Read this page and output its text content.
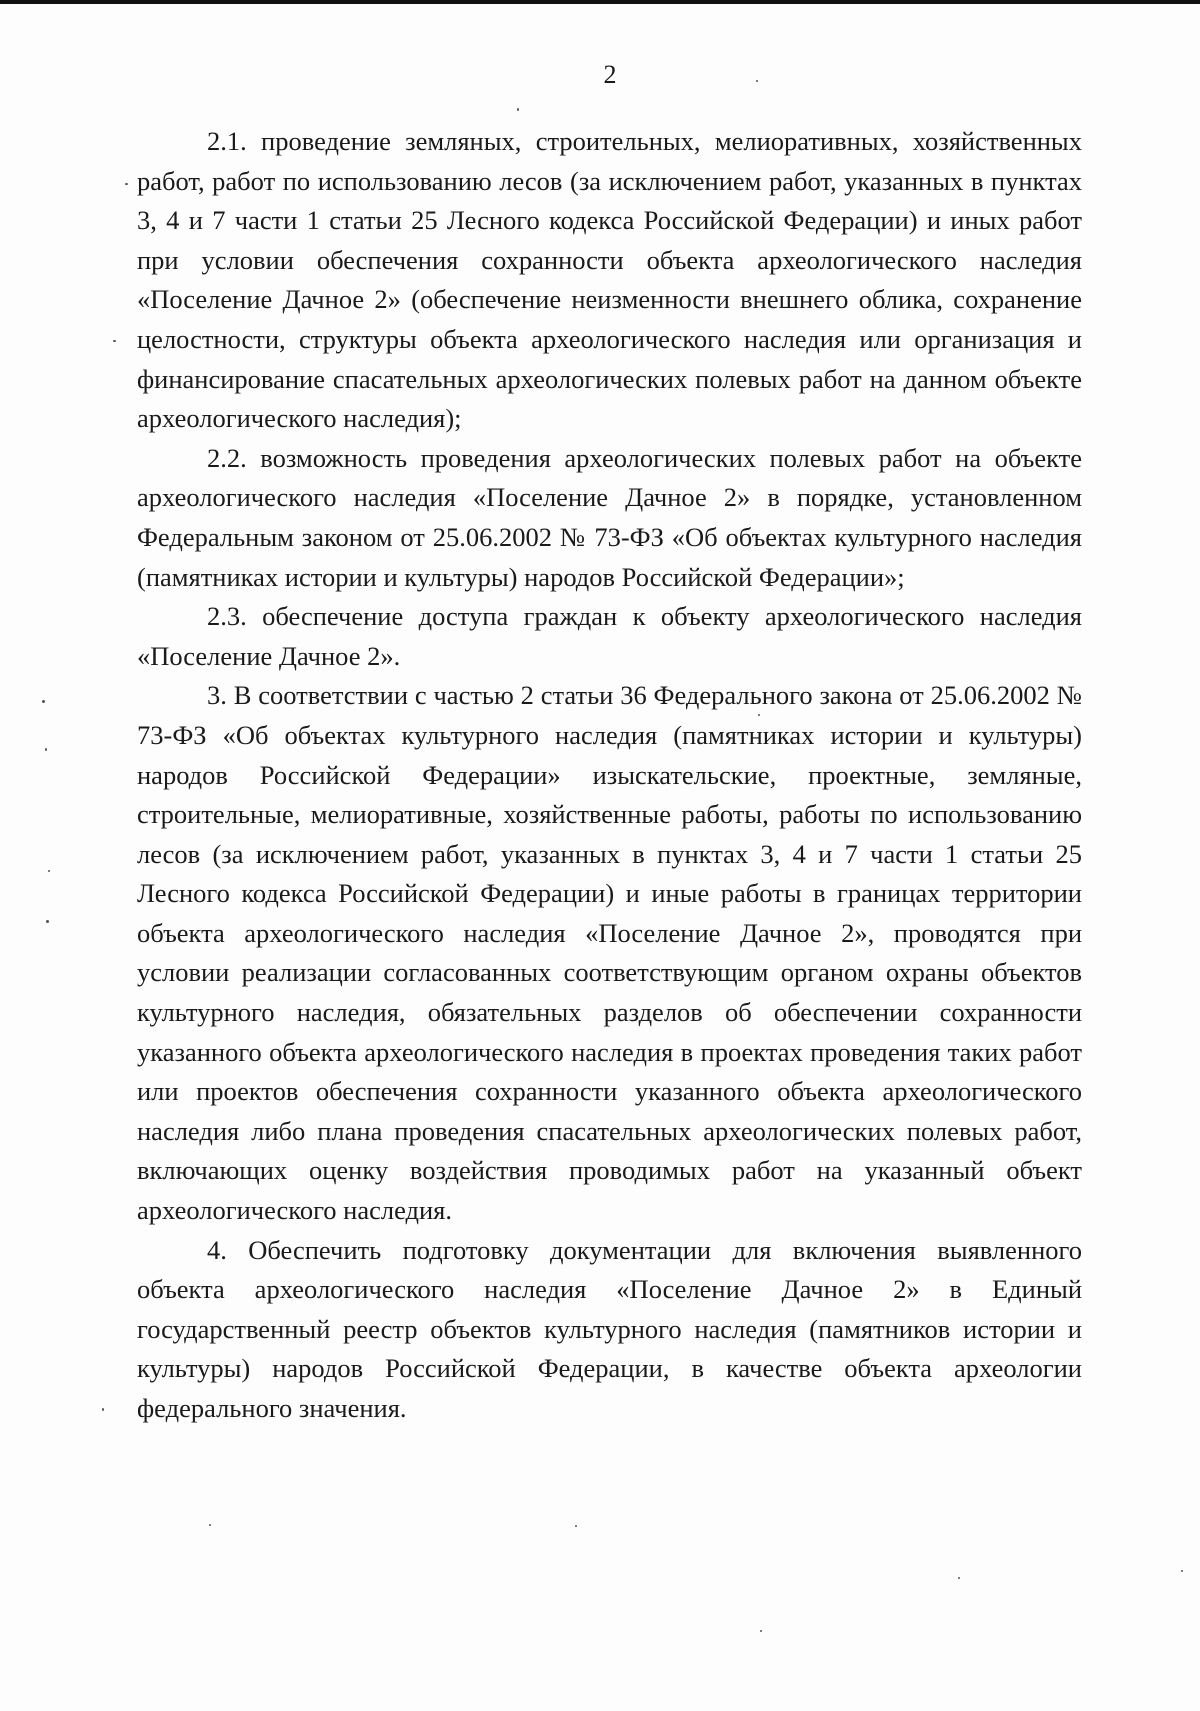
2

2.1. проведение земляных, строительных, мелиоративных, хозяйственных работ, работ по использованию лесов (за исключением работ, указанных в пунктах 3, 4 и 7 части 1 статьи 25 Лесного кодекса Российской Федерации) и иных работ при условии обеспечения сохранности объекта археологического наследия «Поселение Дачное 2» (обеспечение неизменности внешнего облика, сохранение целостности, структуры объекта археологического наследия или организация и финансирование спасательных археологических полевых работ на данном объекте археологического наследия);

2.2. возможность проведения археологических полевых работ на объекте археологического наследия «Поселение Дачное 2» в порядке, установленном Федеральным законом от 25.06.2002 № 73-ФЗ «Об объектах культурного наследия (памятниках истории и культуры) народов Российской Федерации»;

2.3. обеспечение доступа граждан к объекту археологического наследия «Поселение Дачное 2».

3. В соответствии с частью 2 статьи 36 Федерального закона от 25.06.2002 № 73-ФЗ «Об объектах культурного наследия (памятниках истории и культуры) народов Российской Федерации» изыскательские, проектные, земляные, строительные, мелиоративные, хозяйственные работы, работы по использованию лесов (за исключением работ, указанных в пунктах 3, 4 и 7 части 1 статьи 25 Лесного кодекса Российской Федерации) и иные работы в границах территории объекта археологического наследия «Поселение Дачное 2», проводятся при условии реализации согласованных соответствующим органом охраны объектов культурного наследия, обязательных разделов об обеспечении сохранности указанного объекта археологического наследия в проектах проведения таких работ или проектов обеспечения сохранности указанного объекта археологического наследия либо плана проведения спасательных археологических полевых работ, включающих оценку воздействия проводимых работ на указанный объект археологического наследия.

4. Обеспечить подготовку документации для включения выявленного объекта археологического наследия «Поселение Дачное 2» в Единый государственный реестр объектов культурного наследия (памятников истории и культуры) народов Российской Федерации, в качестве объекта археологии федерального значения.
